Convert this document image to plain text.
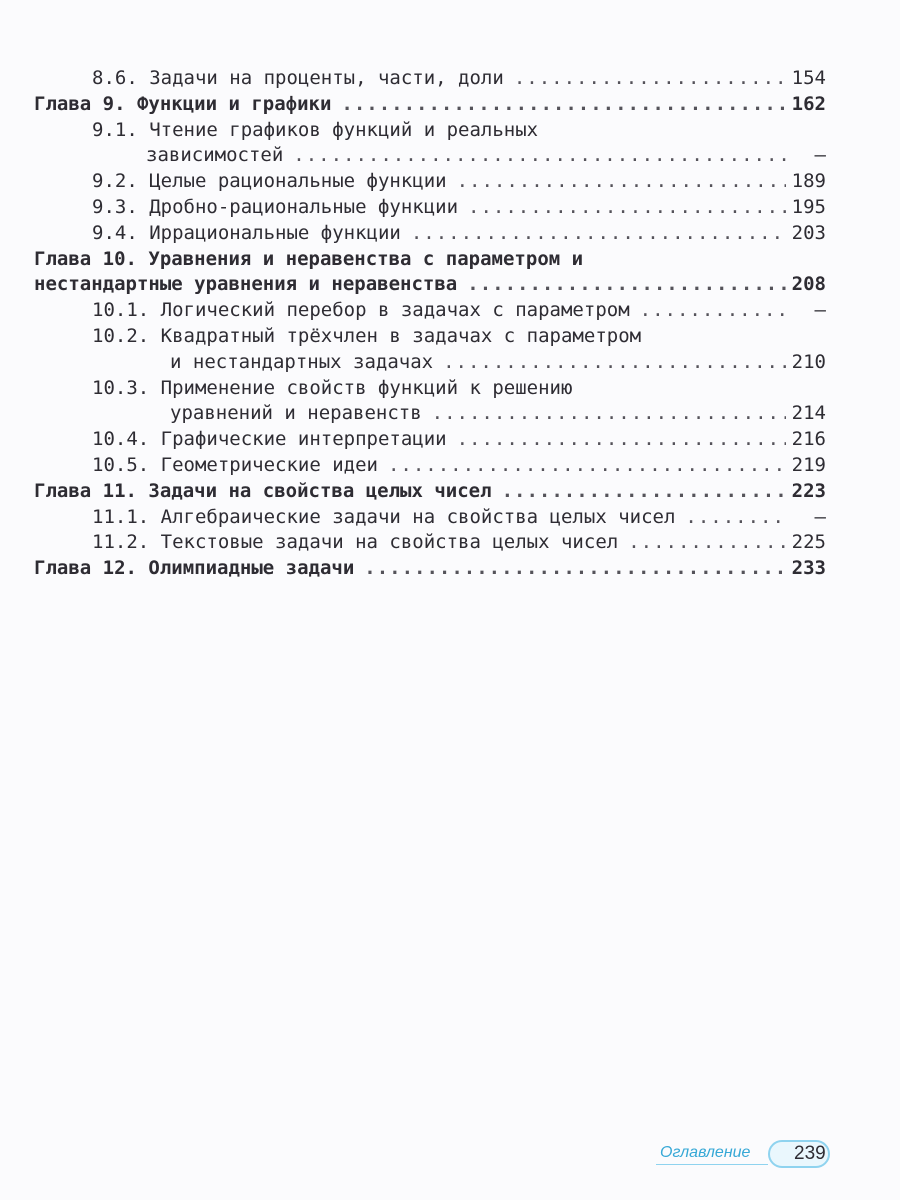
8.6. Задачи на проценты, части, доли .....	154
Глава 9. Функции и графики .....	162
9.1. Чтение графиков функций и реальных
зависимостей .....	–
9.2. Целые рациональные функции .....	189
9.3. Дробно-рациональные функции .....	195
9.4. Иррациональные функции .....	203
Глава 10. Уравнения и неравенства с параметром и
нестандартные уравнения и неравенства .....	208
10.1. Логический перебор в задачах с параметром .....	–
10.2. Квадратный трёхчлен в задачах с параметром
и нестандартных задачах .....	210
10.3. Применение свойств функций к решению
уравнений и неравенств .....	214
10.4. Графические интерпретации .....	216
10.5. Геометрические идеи .....	219
Глава 11. Задачи на свойства целых чисел .....	223
11.1. Алгебраические задачи на свойства целых чисел .....	–
11.2. Текстовые задачи на свойства целых чисел .....	225
Глава 12. Олимпиадные задачи .....	233
Оглавление 239
